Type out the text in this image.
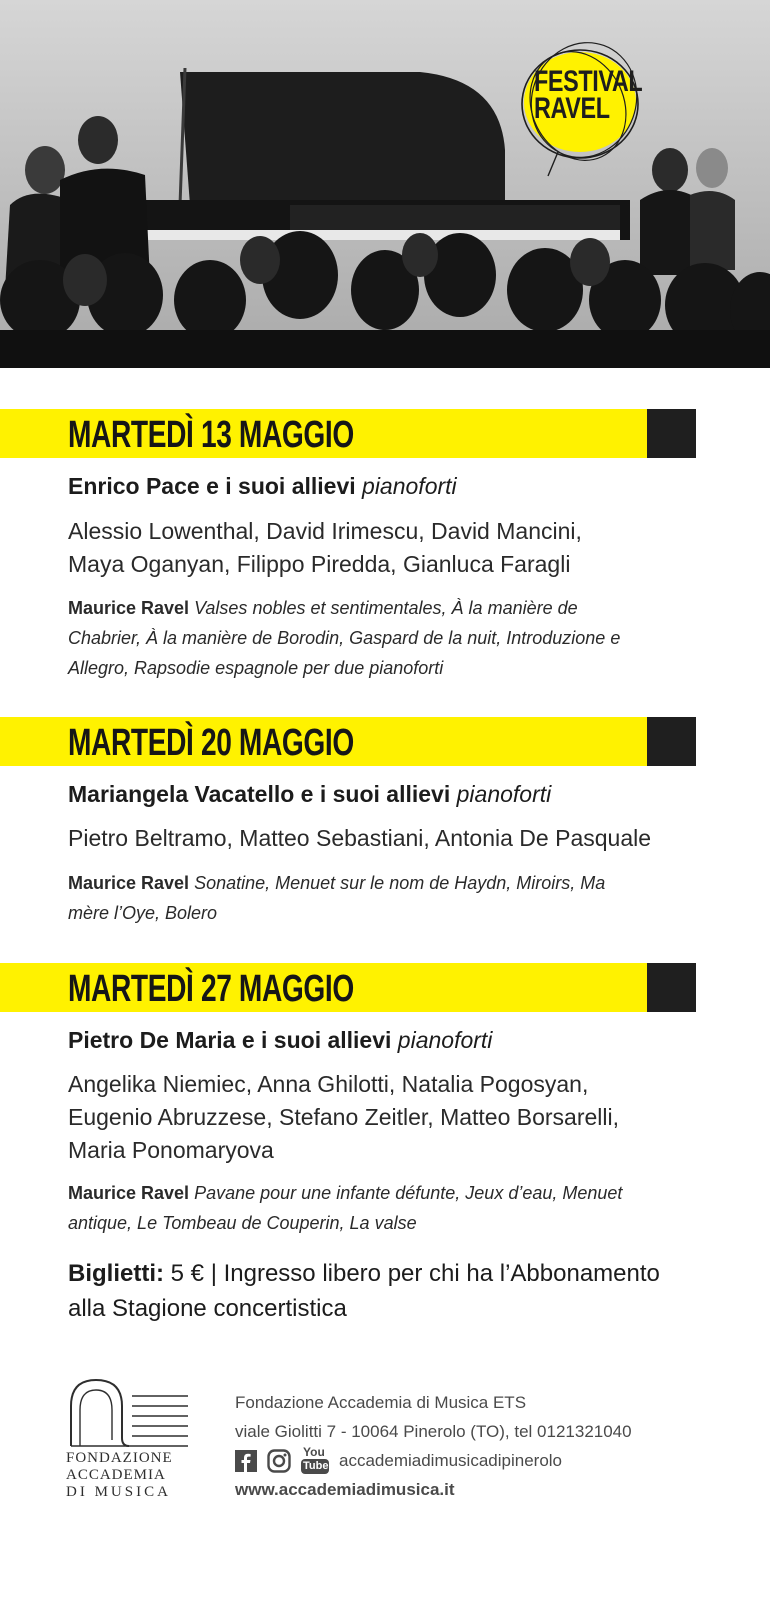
FESTIVAL
RAVEL
MARTEDÌ 13 MAGGIO
Enrico Pace e i suoi allievi pianoforti
Alessio Lowenthal, David Irimescu, David Mancini,
Maya Oganyan, Filippo Piredda, Gianluca Faragli
Maurice Ravel Valses nobles et sentimentales, À la manière de
Chabrier, À la manière de Borodin, Gaspard de la nuit, Introduzione e
Allegro, Rapsodie espagnole per due pianoforti
MARTEDÌ 20 MAGGIO
Mariangela Vacatello e i suoi allievi pianoforti
Pietro Beltramo, Matteo Sebastiani, Antonia De Pasquale
Maurice Ravel Sonatine, Menuet sur le nom de Haydn, Miroirs, Ma
mère l’Oye, Bolero
MARTEDÌ 27 MAGGIO
Pietro De Maria e i suoi allievi pianoforti
Angelika Niemiec, Anna Ghilotti, Natalia Pogosyan,
Eugenio Abruzzese, Stefano Zeitler, Matteo Borsarelli,
Maria Ponomaryova
Maurice Ravel Pavane pour une infante défunte, Jeux d’eau, Menuet
antique, Le Tombeau de Couperin, La valse
Biglietti: 5 € | Ingresso libero per chi ha l’Abbonamento
alla Stagione concertistica
FONDAZIONE
ACCADEMIA
DI MUSICA
Fondazione Accademia di Musica ETS
viale Giolitti 7 - 10064 Pinerolo (TO), tel 0121321040
You
Tube accademiadimusicadipinerolo
www.accademiadimusica.it
